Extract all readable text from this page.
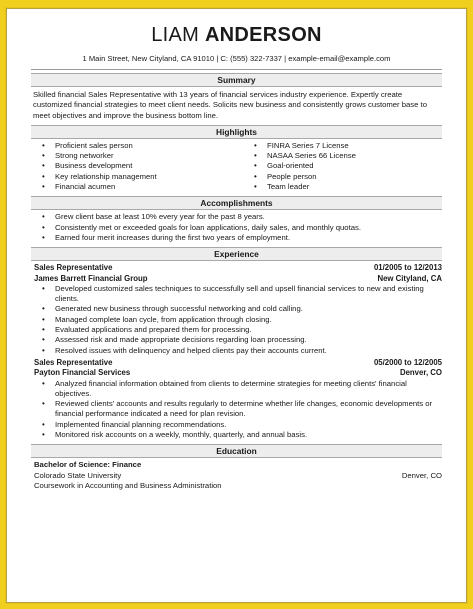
LIAM ANDERSON
1 Main Street, New Cityland, CA 91010 | C: (555) 322-7337 | example-email@example.com
Summary
Skilled financial Sales Representative with 13 years of financial services industry experience. Expertly create customized financial strategies to meet client needs. Solicits new business and consistently grows customer base to meet objectives and improve the business bottom line.
Highlights
• Proficient sales person
• Strong networker
• Business development
• Key relationship management
• Financial acumen
• FINRA Series 7 License
• NASAA Series 66 License
• Goal-oriented
• People person
• Team leader
Accomplishments
• Grew client base at least 10% every year for the past 8 years.
• Consistently met or exceeded goals for loan applications, daily sales, and monthly quotas.
• Earned four merit increases during the first two years of employment.
Experience
Sales Representative	01/2005 to 12/2013
James Barrett Financial Group	New Cityland, CA
• Developed customized sales techniques to successfully sell and upsell financial services to new and existing clients.
• Generated new business through successful networking and cold calling.
• Managed complete loan cycle, from application through closing.
• Evaluated applications and prepared them for processing.
• Assessed risk and made appropriate decisions regarding loan processing.
• Resolved issues with delinquency and helped clients pay their accounts current.
Sales Representative	05/2000 to 12/2005
Payton Financial Services	Denver, CO
• Analyzed financial information obtained from clients to determine strategies for meeting clients' financial objectives.
• Reviewed clients' accounts and results regularly to determine whether life changes, economic developments or financial performance indicated a need for plan revision.
• Implemented financial planning recommendations.
• Monitored risk accounts on a weekly, monthly, quarterly, and annual basis.
Education
Bachelor of Science: Finance
Colorado State University	Denver, CO
Coursework in Accounting and Business Administration
